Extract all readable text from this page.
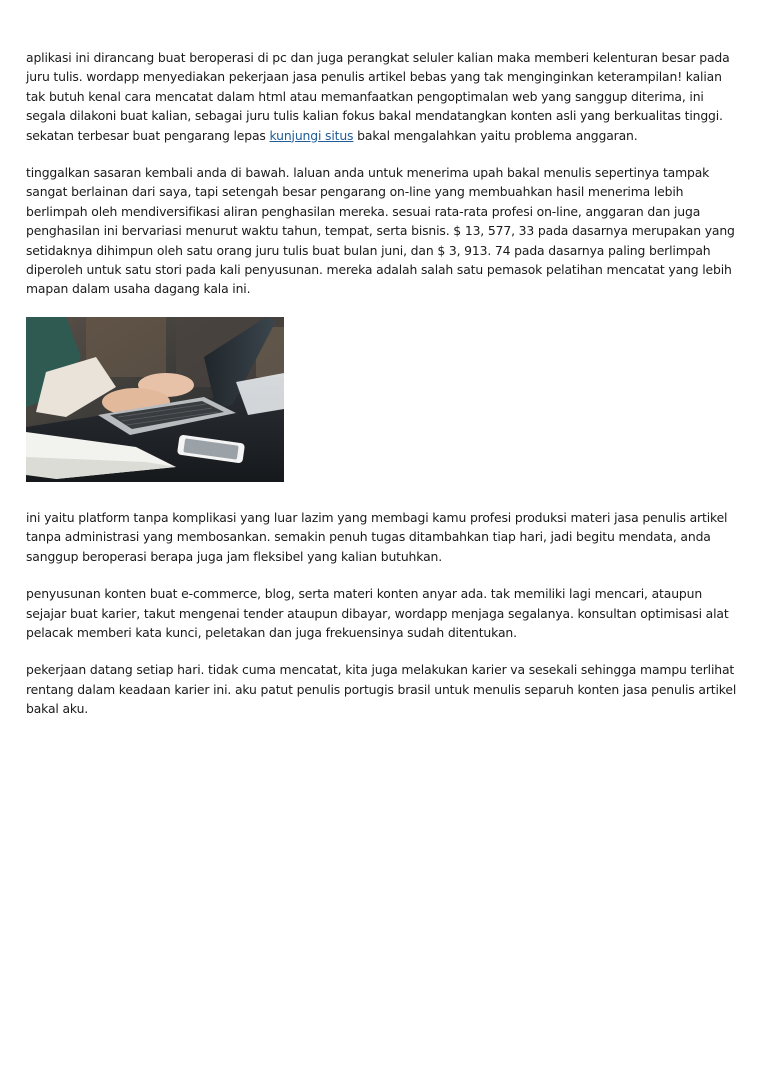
aplikasi ini dirancang buat beroperasi di pc dan juga perangkat seluler kalian maka memberi kelenturan besar pada juru tulis. wordapp menyediakan pekerjaan jasa penulis artikel bebas yang tak menginginkan keterampilan! kalian tak butuh kenal cara mencatat dalam html atau memanfaatkan pengoptimalan web yang sanggup diterima, ini segala dilakoni buat kalian, sebagai juru tulis kalian fokus bakal mendatangkan konten asli yang berkualitas tinggi. sekatan terbesar buat pengarang lepas kunjungi situs bakal mengalahkan yaitu problema anggaran.

tinggalkan sasaran kembali anda di bawah. laluan anda untuk menerima upah bakal menulis sepertinya tampak sangat berlainan dari saya, tapi setengah besar pengarang on-line yang membuahkan hasil menerima lebih berlimpah oleh mendiversifikasi aliran penghasilan mereka. sesuai rata-rata profesi on-line, anggaran dan juga penghasilan ini bervariasi menurut waktu tahun, tempat, serta bisnis. $ 13, 577, 33 pada dasarnya merupakan yang setidaknya dihimpun oleh satu orang juru tulis buat bulan juni, dan $ 3, 913. 74 pada dasarnya paling berlimpah diperoleh untuk satu stori pada kali penyusunan. mereka adalah salah satu pemasok pelatihan mencatat yang lebih mapan dalam usaha dagang kala ini.

ini yaitu platform tanpa komplikasi yang luar lazim yang membagi kamu profesi produksi materi jasa penulis artikel tanpa administrasi yang membosankan. semakin penuh tugas ditambahkan tiap hari, jadi begitu mendata, anda sanggup beroperasi berapa juga jam fleksibel yang kalian butuhkan.

penyusunan konten buat e-commerce, blog, serta materi konten anyar ada. tak memiliki lagi mencari, ataupun sejajar buat karier, takut mengenai tender ataupun dibayar, wordapp menjaga segalanya. konsultan optimisasi alat pelacak memberi kata kunci, peletakan dan juga frekuensinya sudah ditentukan.

pekerjaan datang setiap hari. tidak cuma mencatat, kita juga melakukan karier va sesekali sehingga mampu terlihat rentang dalam keadaan karier ini. aku patut penulis portugis brasil untuk menulis separuh konten jasa penulis artikel bakal aku.
